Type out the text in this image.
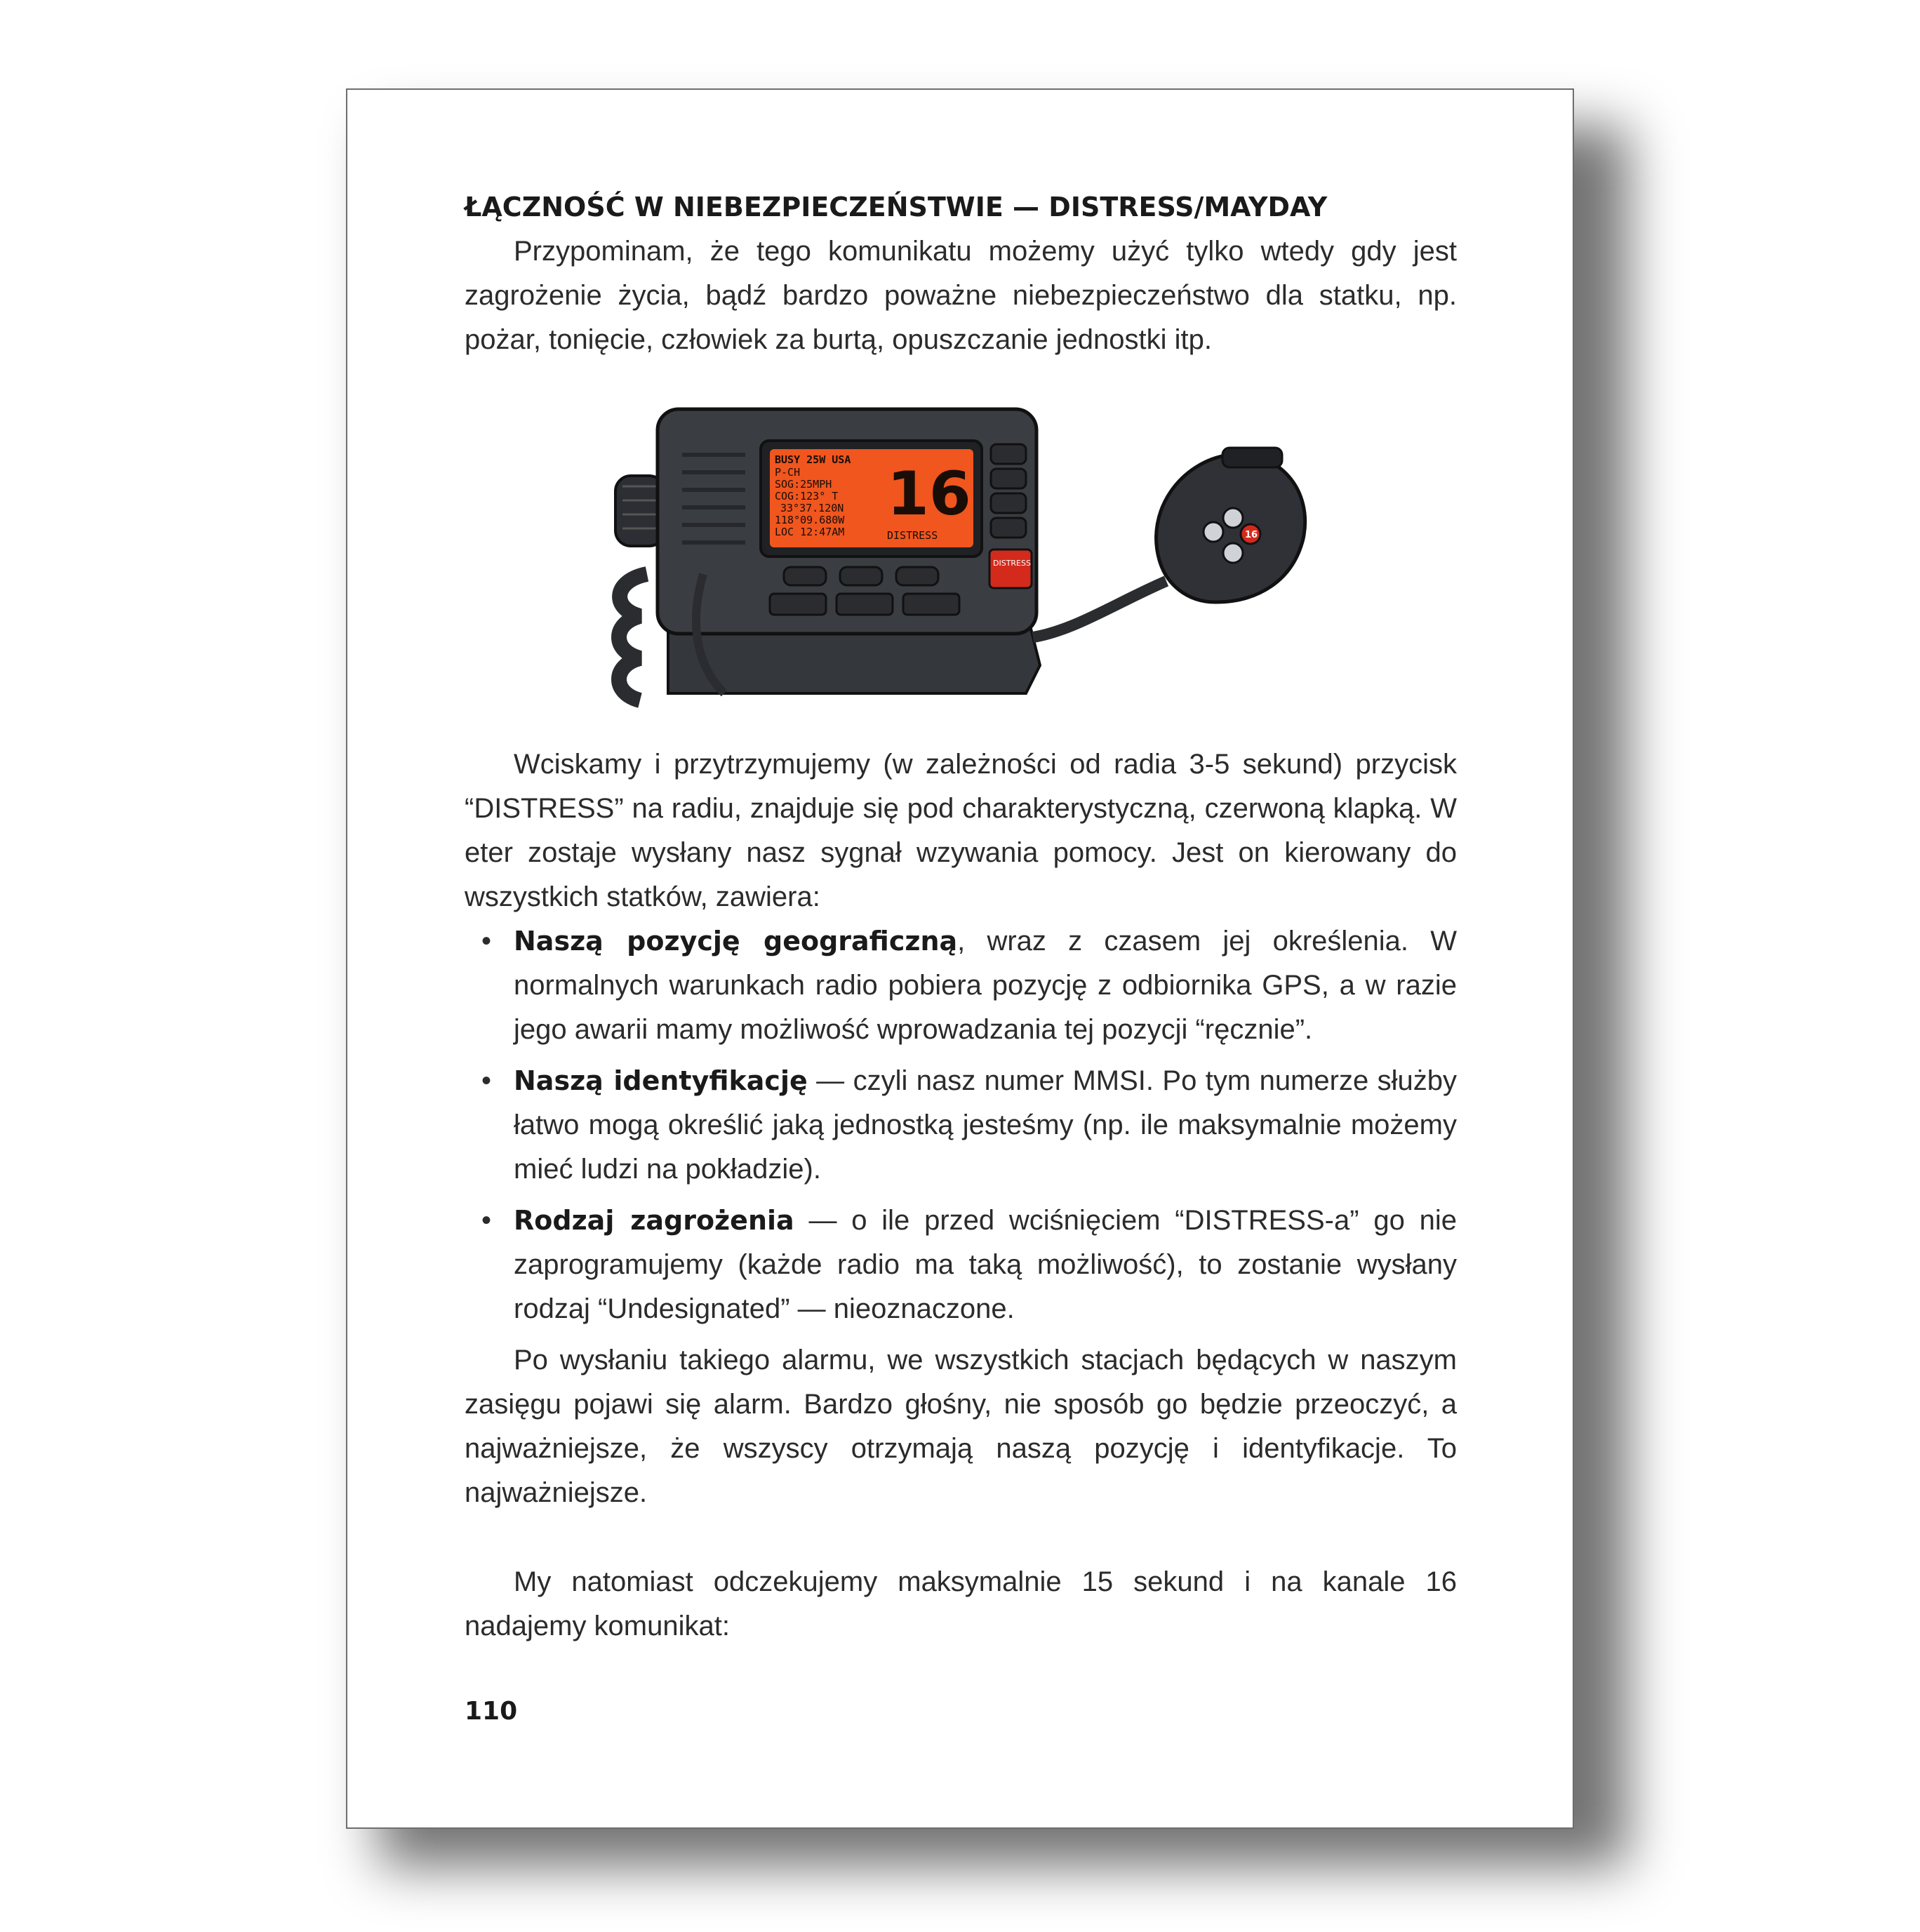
ŁĄCZNOŚĆ W NIEBEZPIECZEŃSTWIE — DISTRESS/MAYDAY

Przypominam, że tego komunikatu możemy użyć tylko wtedy gdy jest zagrożenie życia, bądź bardzo poważne niebezpieczeństwo dla statku, np. pożar, tonięcie, człowiek za burtą, opuszczanie jednostki itp.

BUSY 25W USA
P-CH
SOG:25MPH
COG:123° T
33°37.120N
118°09.680W
LOC 12:47AM
16
DISTRESS
DISTRESS
16

Wciskamy i przytrzymujemy (w zależności od radia 3-5 sekund) przycisk “DISTRESS” na radiu, znajduje się pod charakterystyczną, czerwoną klapką. W eter zostaje wysłany nasz sygnał wzywania pomocy. Jest on kierowany do wszystkich statków, zawiera:

• Naszą pozycję geograficzną, wraz z czasem jej określenia. W normalnych warunkach radio pobiera pozycję z odbiornika GPS, a w razie jego awarii mamy możliwość wprowadzania tej pozycji “ręcznie”.
• Naszą identyfikację — czyli nasz numer MMSI. Po tym numerze służby łatwo mogą określić jaką jednostką jesteśmy (np. ile maksymalnie możemy mieć ludzi na pokładzie).
• Rodzaj zagrożenia — o ile przed wciśnięciem “DISTRESS-a” go nie zaprogramujemy (każde radio ma taką możliwość), to zostanie wysłany rodzaj “Undesignated” — nieoznaczone.

Po wysłaniu takiego alarmu, we wszystkich stacjach będących w naszym zasięgu pojawi się alarm. Bardzo głośny, nie sposób go będzie przeoczyć, a najważniejsze, że wszyscy otrzymają naszą pozycję i identyfikacje. To najważniejsze.

My natomiast odczekujemy maksymalnie 15 sekund i na kanale 16 nadajemy komunikat:

110
